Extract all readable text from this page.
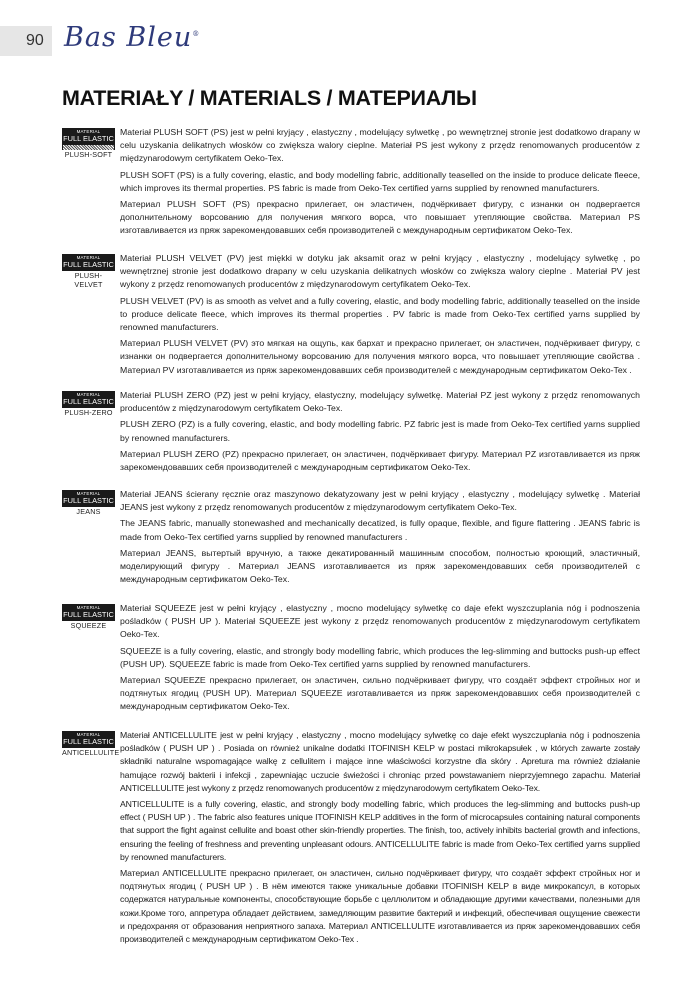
90 Bas Bleu®
MATERIAŁY / MATERIALS / МАТЕРИАЛЫ
MATERIAL
FULL ELASTIC
PLUSH-SOFT

Materiał PLUSH SOFT (PS) jest w pełni kryjący , elastyczny , modelujący sylwetkę , po wewnętrznej stronie jest dodatkowo drapany w celu uzyskania delikatnych włosków co zwiększa walory cieplne. Materiał PS jest wykony z przędz renomowanych producentów z międzynarodowym certyfikatem Oeko-Tex.

PLUSH SOFT (PS) is a fully covering, elastic, and body modelling fabric, additionally teaselled on the inside to produce delicate fleece, which improves its thermal properties. PS fabric is made from Oeko-Tex certified yarns supplied by renowned manufacturers.

Материал PLUSH SOFT (PS) прекрасно прилегает, он эластичен, подчёркивает фигуру, с изнанки он подвергается дополнительному ворсованию для получения мягкого ворса, что повышает утепляющие свойства. Материал PS изготавливается из пряж зарекомендовавших себя производителей с международным сертификатом Oeko-Tex.

MATERIAL
FULL ELASTIC
PLUSH-VELVET

Materiał PLUSH VELVET (PV) jest miękki w dotyku jak aksamit oraz w pełni kryjący , elastyczny , modelujący sylwetkę , po wewnętrznej stronie jest dodatkowo drapany w celu uzyskania delikatnych włosków co zwiększa walory cieplne . Materiał PV jest wykony z przędz renomowanych producentów z międzynarodowym certyfikatem Oeko-Tex.

PLUSH VELVET (PV) is as smooth as velvet and a fully covering, elastic, and body modelling fabric, additionally teaselled on the inside to produce delicate fleece, which improves its thermal properties . PV fabric is made from Oeko-Tex certified yarns supplied by renowned manufacturers.

Материал PLUSH VELVET (PV) это мягкая на ощупь, как бархат и прекрасно прилегает, он эластичен, подчёркивает фигуру, с изнанки он подвергается дополнительному ворсованию для получения мягкого ворса, что повышает утепляющие свойства . Материал PV изготавливается из пряж зарекомендовавших себя производителей с международным сертификатом Oeko-Tex .

MATERIAL
FULL ELASTIC
PLUSH-ZERO

Materiał PLUSH ZERO (PZ) jest w pełni kryjący, elastyczny, modelujący sylwetkę. Materiał PZ jest wykony z przędz renomowanych producentów z międzynarodowym certyfikatem Oeko-Tex.

PLUSH ZERO (PZ) is a fully covering, elastic, and body modelling fabric. PZ fabric jest is made from Oeko-Tex certified yarns supplied by renowned manufacturers.

Материал PLUSH ZERO (PZ) прекрасно прилегает, он эластичен, подчёркивает фигуру. Материал PZ изготавливается из пряж зарекомендовавших себя производителей с международным сертификатом Oeko-Tex.

MATERIAL
FULL ELASTIC
JEANS

Materiał JEANS ścierany ręcznie oraz maszynowo dekatyzowany jest w pełni kryjący , elastyczny , modelujący sylwetkę . Materiał JEANS jest wykony z przędz renomowanych producentów z międzynarodowym certyfikatem Oeko-Tex.

The JEANS fabric, manually stonewashed and mechanically decatized, is fully opaque, flexible, and figure flattering . JEANS fabric is made from Oeko-Tex certified yarns supplied by renowned manufacturers .

Материал JEANS, вытертый вручную, а также декатированный машинным способом, полностью кроющий, эластичный, моделирующий фигуру . Материал JEANS изготавливается из пряж зарекомендовавших себя производителей с международным сертификатом Oeko-Tex.

MATERIAL
FULL ELASTIC
SQUEEZE

Materiał SQUEEZE jest w pełni kryjący , elastyczny , mocno modelujący sylwetkę co daje efekt wyszczuplania nóg i podnoszenia pośladków ( PUSH UP ). Materiał SQUEEZE jest wykony z przędz renomowanych producentów z międzynarodowym certyfikatem Oeko-Tex.

SQUEEZE is a fully covering, elastic, and strongly body modelling fabric, which produces the leg-slimming and buttocks push-up effect (PUSH UP). SQUEEZE fabric is made from Oeko-Tex certified yarns supplied by renowned manufacturers.

Материал SQUEEZE прекрасно прилегает, он эластичен, сильно подчёркивает фигуру, что создаёт эффект стройных ног и подтянутых ягодиц (PUSH UP). Материал SQUEEZE изготавливается из пряж зарекомендовавших себя производителей с международным сертификатом Oeko-Tex.

MATERIAL
FULL ELASTIC
ANTICELLULITE

Materiał ANTICELLULITE jest w pełni kryjący , elastyczny , mocno modelujący sylwetkę co daje efekt wyszczuplania nóg i podnoszenia pośladków ( PUSH UP ) . Posiada on również unikalne dodatki ITOFINISH KELP w postaci mikrokapsułek , w których zawarte zostały składniki naturalne wspomagające walkę z cellulitem i mające inne właściwości korzystne dla skóry . Apretura ma również działanie hamujące rozwój bakterii i infekcji , zapewniając uczucie świeżości i chroniąc przed powstawaniem nieprzyjemnego zapachu. Materiał ANTICELLULITE jest wykony z przędz renomowanych producentów z międzynarodowym certyfikatem Oeko-Tex.

ANTICELLULITE is a fully covering, elastic, and strongly body modelling fabric, which produces the leg-slimming and buttocks push-up effect ( PUSH UP ) . The fabric also features unique ITOFINISH KELP additives in the form of microcapsules containing natural components that support the fight against cellulite and boast other skin-friendly properties. The finish, too, actively inhibits bacterial growth and infections, ensuring the feeling of freshness and preventing unpleasant odours. ANTICELLULITE fabric is made from Oeko-Tex certified yarns supplied by renowned manufacturers.

Материал ANTICELLULITE прекрасно прилегает, он эластичен, сильно подчёркивает фигуру, что создаёт эффект стройных ног и подтянутых ягодиц ( PUSH UP ) . В нём имеются также уникальные добавки ITOFINISH KELP в виде микрокапсул, в которых содержатся натуральные компоненты, способствующие борьбе с целлюлитом и обладающие другими качествами, полезными для кожи.Кроме того, аппретура обладает действием, замедляющим развитие бактерий и инфекций, обеспечивая ощущение свежести и предохраняя от образования неприятного запаха. Материал ANTICELLULITE изготавливается из пряж зарекомендовавших себя производителей с международным сертификатом Oeko-Tex .
